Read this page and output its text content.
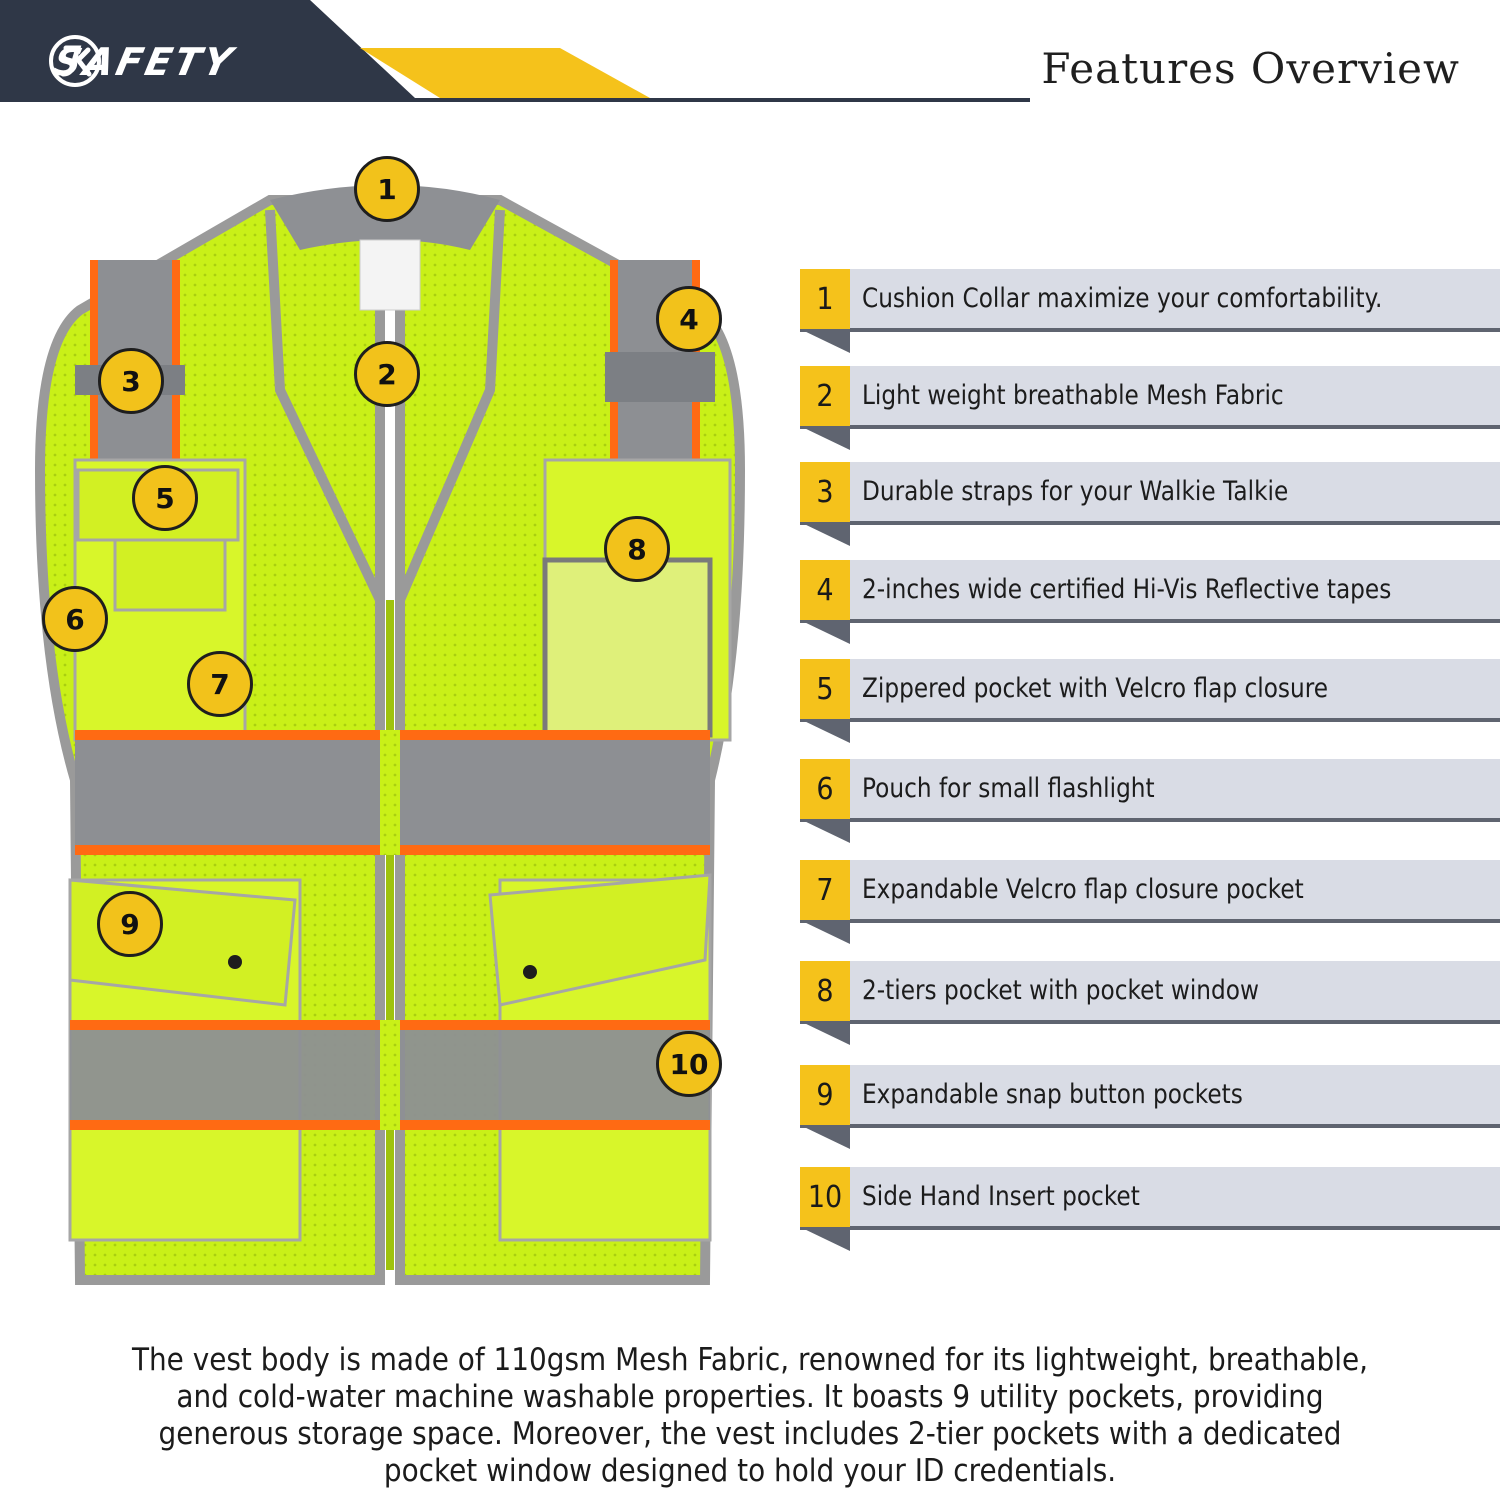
SAFETY	Features Overview
1
2
3
4
5
6
7
8
9
10
1	Cushion Collar maximize your comfortability.
2	Light weight breathable Mesh Fabric
3	Durable straps for your Walkie Talkie
4	2-inches wide certified Hi-Vis Reflective tapes
5	Zippered pocket with Velcro flap closure
6	Pouch for small flashlight
7	Expandable Velcro flap closure pocket
8	2-tiers pocket with pocket window
9	Expandable snap button pockets
10 Side Hand Insert pocket
The vest body is made of 110gsm Mesh Fabric, renowned for its lightweight, breathable, and cold-water machine washable properties. It boasts 9 utility pockets, providing generous storage space. Moreover, the vest includes 2-tier pockets with a dedicated pocket window designed to hold your ID credentials.
